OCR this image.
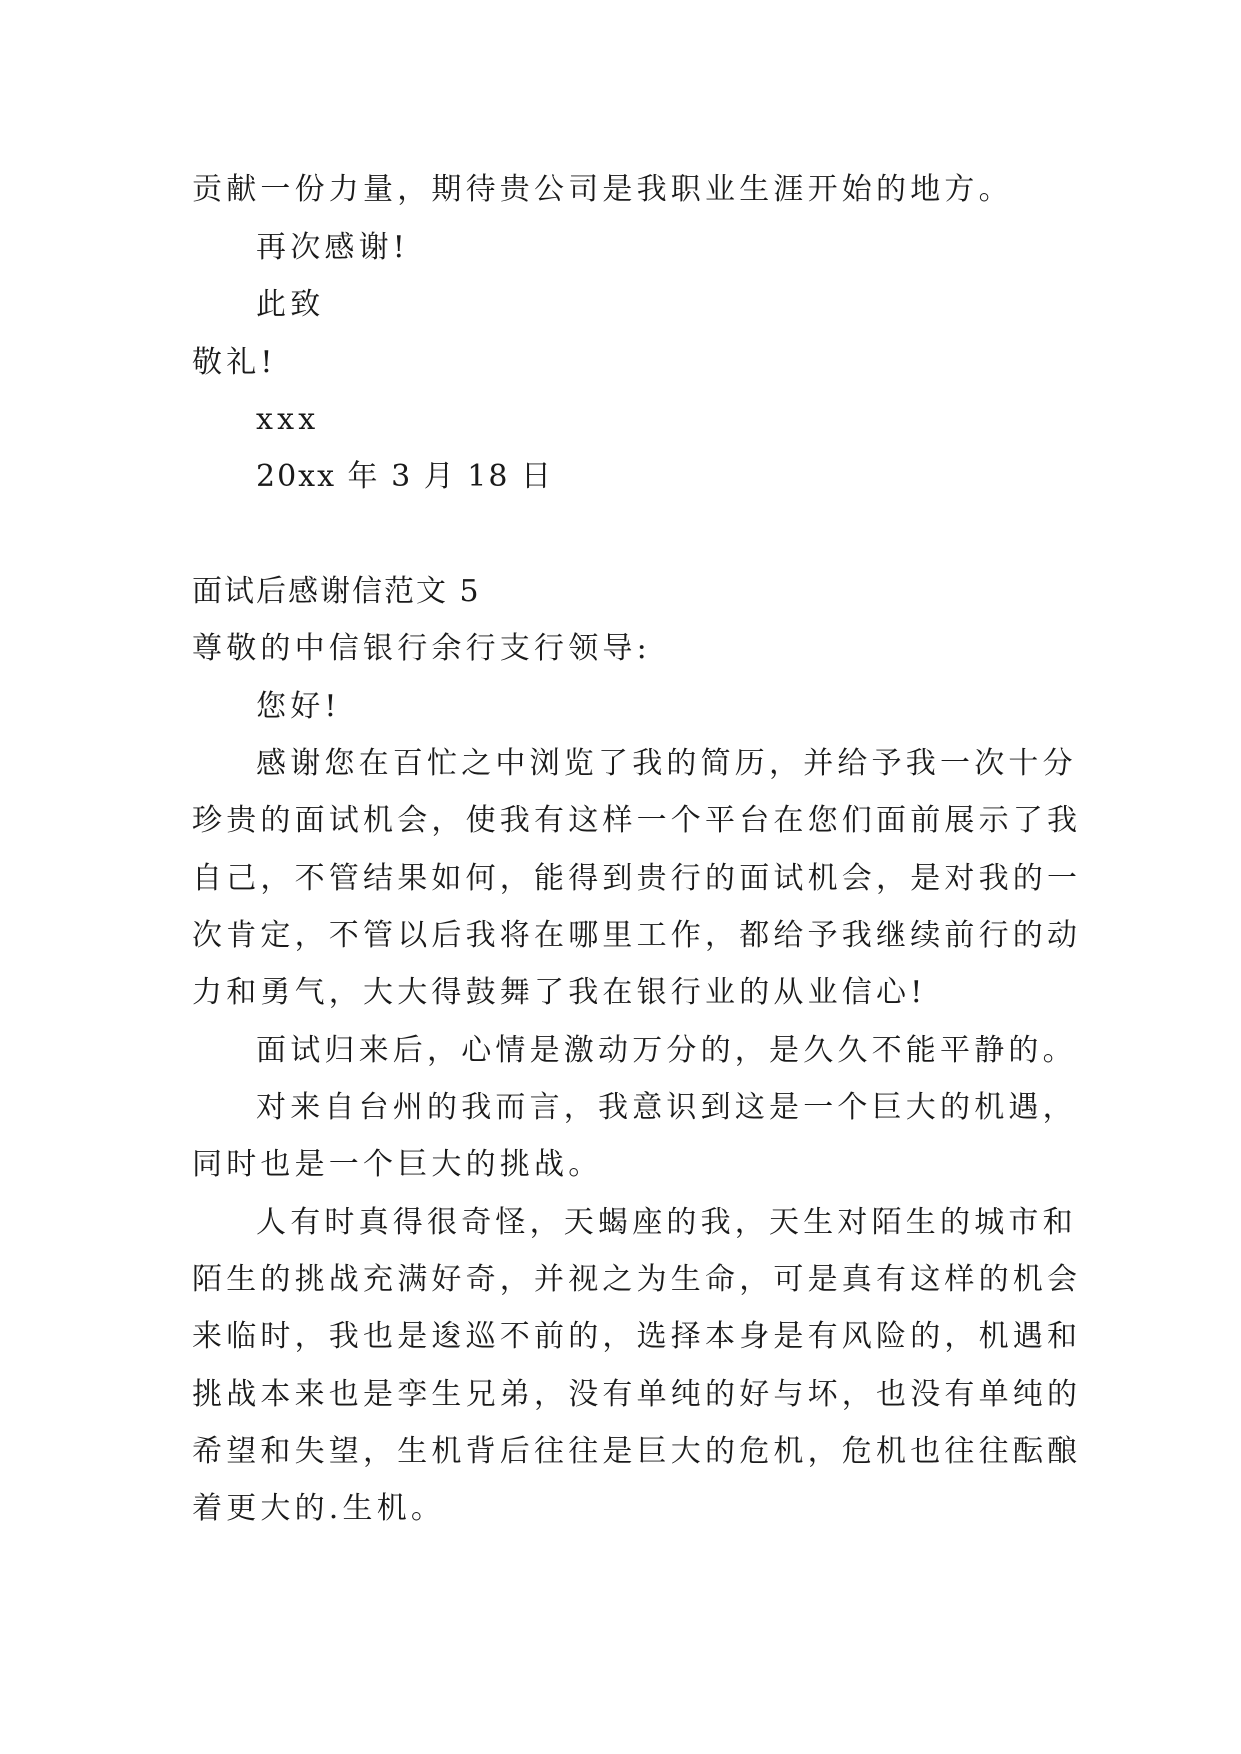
贡献一份力量，期待贵公司是我职业生涯开始的地方。
再次感谢!
此致
敬礼!
xxx
20xx 年 3 月 18 日
面试后感谢信范文 5
尊敬的中信银行余行支行领导:
您好!
感谢您在百忙之中浏览了我的简历，并给予我一次十分
珍贵的面试机会，使我有这样一个平台在您们面前展示了我
自己，不管结果如何，能得到贵行的面试机会，是对我的一
次肯定，不管以后我将在哪里工作，都给予我继续前行的动
力和勇气，大大得鼓舞了我在银行业的从业信心!
面试归来后，心情是激动万分的，是久久不能平静的。
对来自台州的我而言，我意识到这是一个巨大的机遇，
同时也是一个巨大的挑战。
人有时真得很奇怪，天蝎座的我，天生对陌生的城市和
陌生的挑战充满好奇，并视之为生命，可是真有这样的机会
来临时，我也是逡巡不前的，选择本身是有风险的，机遇和
挑战本来也是孪生兄弟，没有单纯的好与坏，也没有单纯的
希望和失望，生机背后往往是巨大的危机，危机也往往酝酿
着更大的.生机。
